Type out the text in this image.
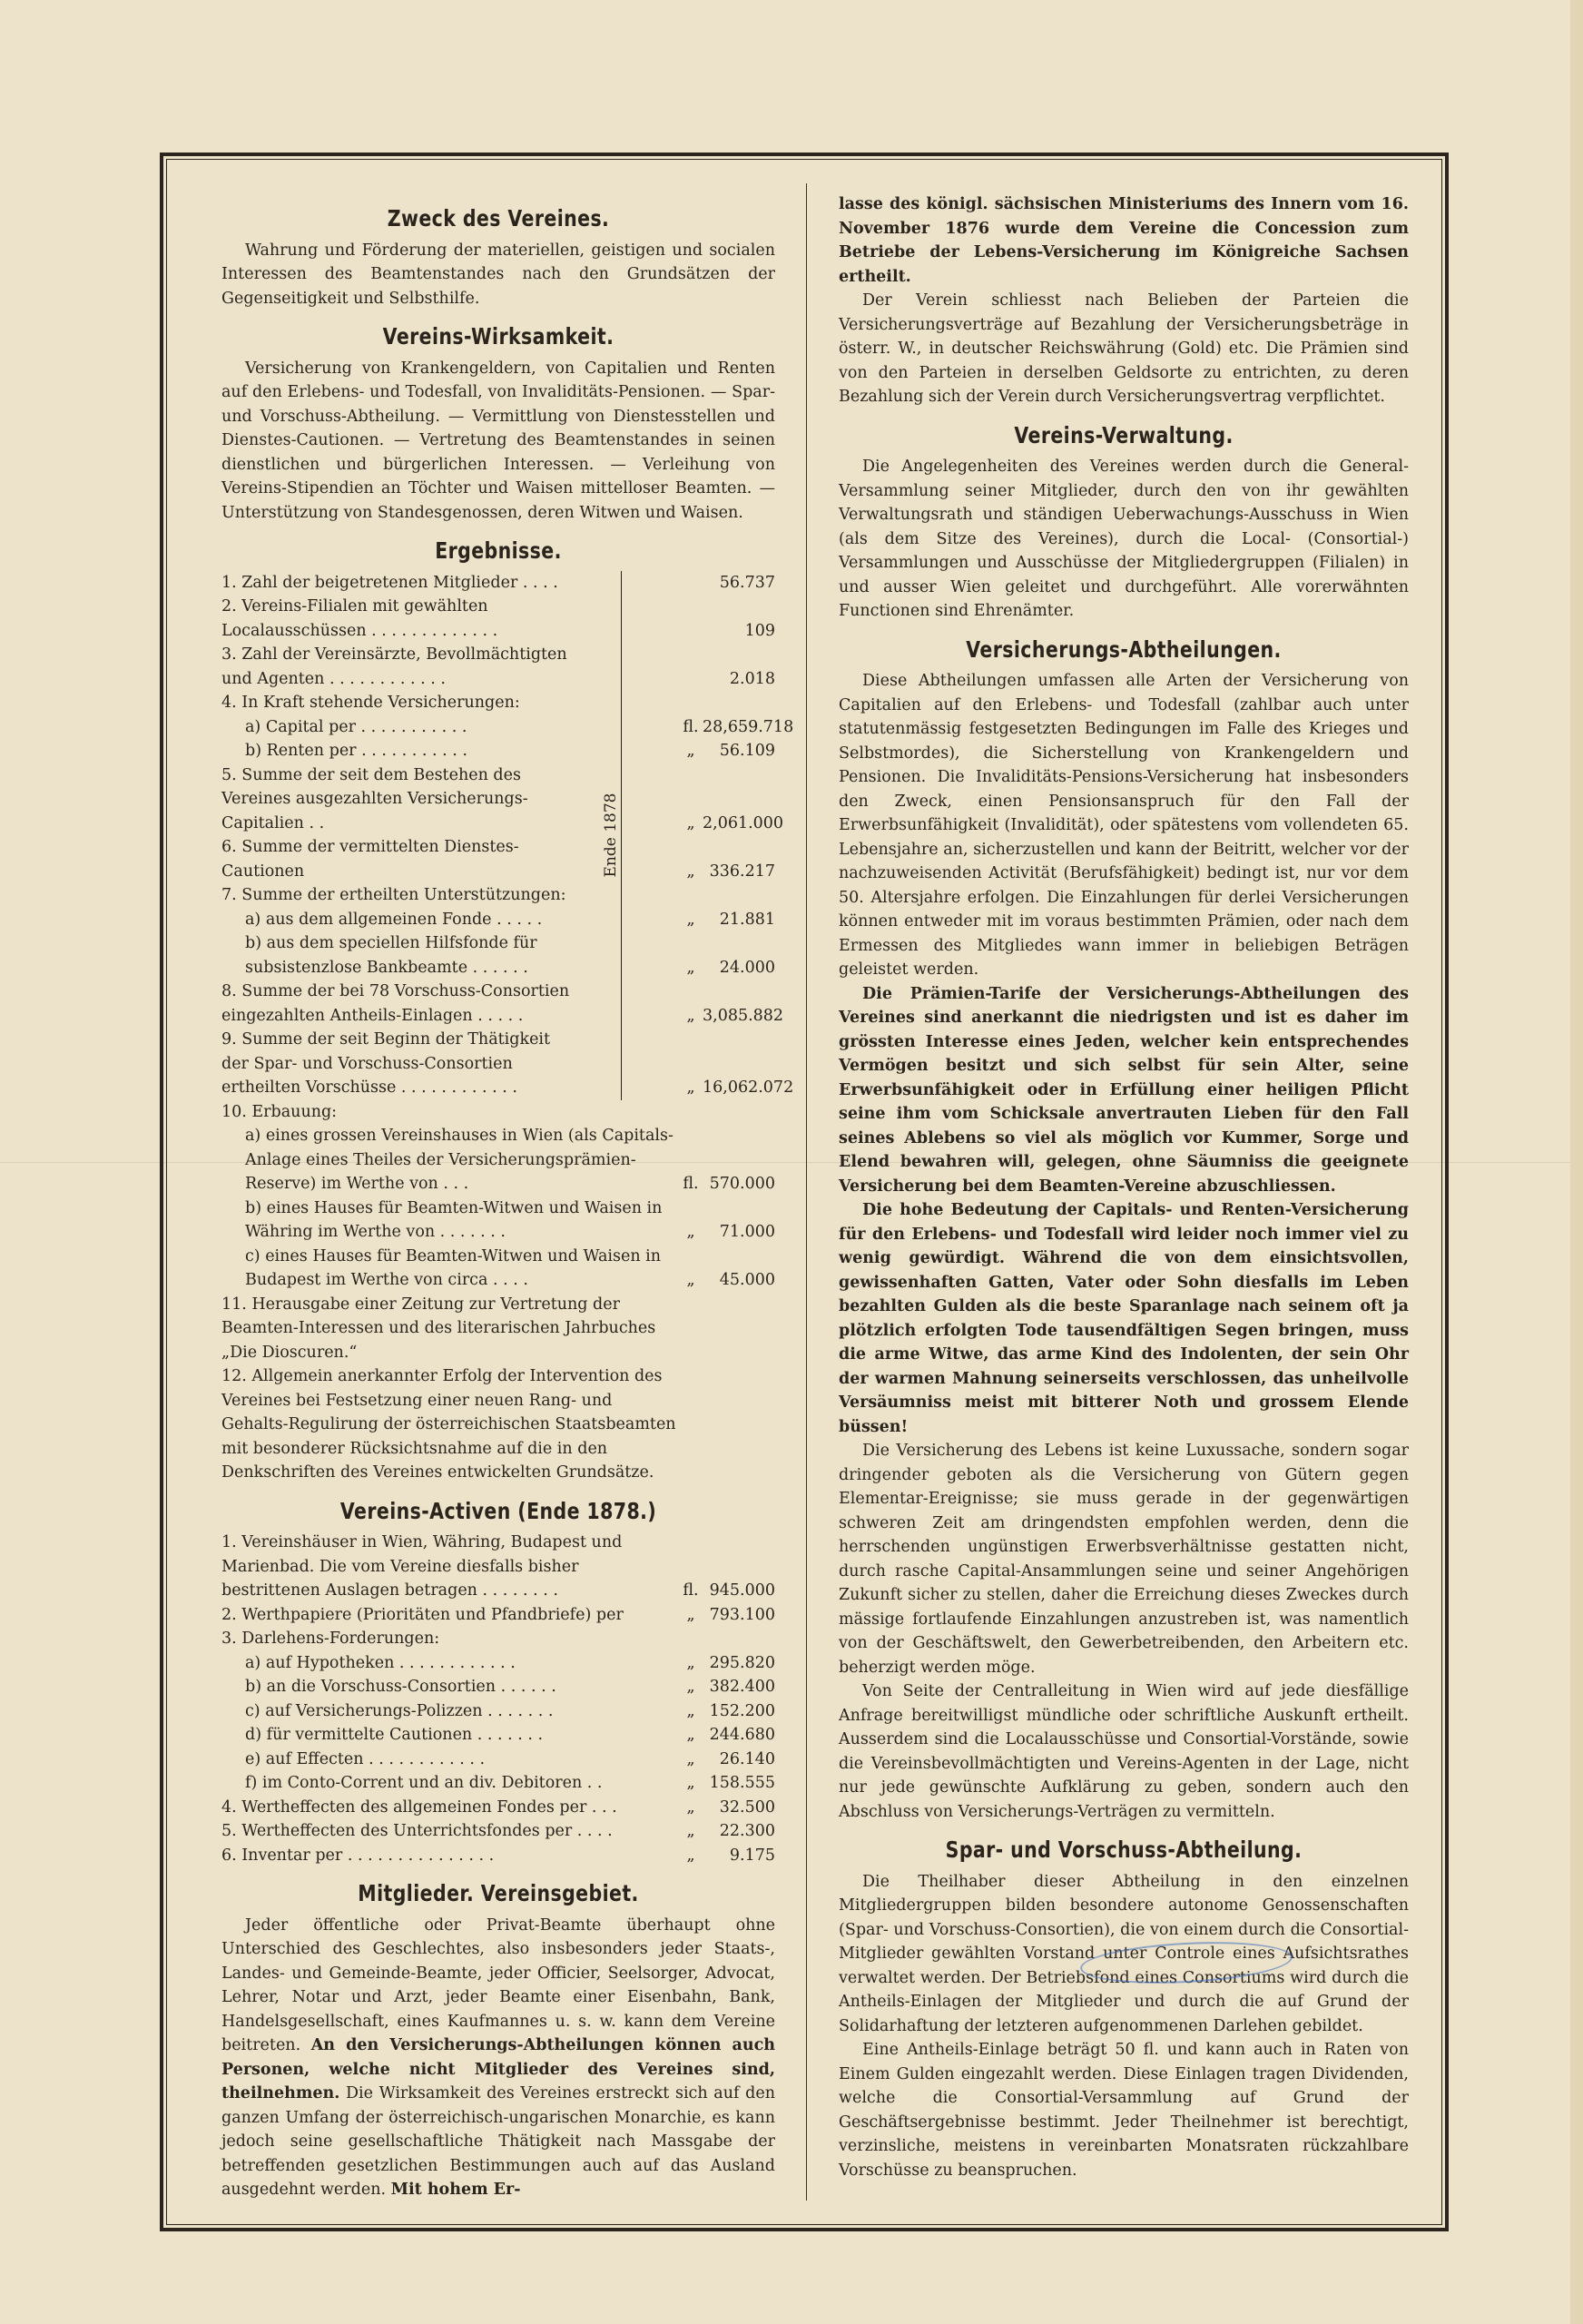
Zweck des Vereines.

Wahrung und Förderung der materiellen, geistigen und socialen Interessen des Beamtenstandes nach den Grundsätzen der Gegenseitigkeit und Selbsthilfe.

Vereins-Wirksamkeit.

Versicherung von Krankengeldern, von Capitalien und Renten auf den Erlebens- und Todesfall, von Invaliditäts-Pensionen. — Spar- und Vorschuss-Abtheilung. — Vermittlung von Dienstesstellen und Dienstes-Cautionen. — Vertretung des Beamtenstandes in seinen dienstlichen und bürgerlichen Interessen. — Verleihung von Vereins-Stipendien an Töchter und Waisen mittelloser Beamten. — Unterstützung von Standesgenossen, deren Witwen und Waisen.

Ergebnisse.
Ende 1878
1. Zahl der beigetretenen Mitglieder . . . .	56.737
2. Vereins-Filialen mit gewählten Localausschüssen . . . . . . . . . . . . .	109
3. Zahl der Vereinsärzte, Bevollmächtigten und Agenten . . . . . . . . . . . .	2.018
4. In Kraft stehende Versicherungen:
a) Capital per . . . . . . . . . . .	fl. 28,659.718
b) Renten per . . . . . . . . . . .	„	56.109
5. Summe der seit dem Bestehen des Vereines ausgezahlten Versicherungs-Capitalien . .	„ 2,061.000
6. Summe der vermittelten Dienstes-Cautionen	„ 336.217
7. Summe der ertheilten Unterstützungen:
a) aus dem allgemeinen Fonde . . . . .	„	21.881
b) aus dem speciellen Hilfsfonde für subsistenzlose Bankbeamte . . . . . .	„	24.000
8. Summe der bei 78 Vorschuss-Consortien eingezahlten Antheils-Einlagen . . . . .	„ 3,085.882
9. Summe der seit Beginn der Thätigkeit der Spar- und Vorschuss-Consortien ertheilten Vorschüsse . . . . . . . . . . . .	„ 16,062.072
10. Erbauung:
a) eines grossen Vereinshauses in Wien (als Capitals-Anlage eines Theiles der Versicherungsprämien-Reserve) im Werthe von . . .	fl. 570.000
b) eines Hauses für Beamten-Witwen und Waisen in Währing im Werthe von . . . . . . .	„	71.000
c) eines Hauses für Beamten-Witwen und Waisen in Budapest im Werthe von circa . . . .	„	45.000
11. Herausgabe einer Zeitung zur Vertretung der Beamten-Interessen und des literarischen Jahrbuches „Die Dioscuren.“
12. Allgemein anerkannter Erfolg der Intervention des Vereines bei Festsetzung einer neuen Rang- und Gehalts-Regulirung der österreichischen Staatsbeamten mit besonderer Rücksichtsnahme auf die in den Denkschriften des Vereines entwickelten Grundsätze.
Vereins-Activen (Ende 1878.)
1. Vereinshäuser in Wien, Währing, Budapest und Marienbad. Die vom Vereine diesfalls bisher bestrittenen Auslagen betragen . . . . . . . .	fl. 945.000
2. Werthpapiere (Prioritäten und Pfandbriefe) per	„ 793.100
3. Darlehens-Forderungen:
a) auf Hypotheken . . . . . . . . . . . .	„ 295.820
b) an die Vorschuss-Consortien . . . . . .	„ 382.400
c) auf Versicherungs-Polizzen . . . . . . .	„ 152.200
d) für vermittelte Cautionen . . . . . . .	„ 244.680
e) auf Effecten . . . . . . . . . . . .	„	26.140
f) im Conto-Corrent und an div. Debitoren . .	„ 158.555
4. Wertheffecten des allgemeinen Fondes per . . .	„	32.500
5. Wertheffecten des Unterrichtsfondes per . . . .	„	22.300
6. Inventar per . . . . . . . . . . . . . . .	„	9.175
Mitglieder. Vereinsgebiet.

Jeder öffentliche oder Privat-Beamte überhaupt ohne Unterschied des Geschlechtes, also insbesonders jeder Staats-, Landes- und Gemeinde-Beamte, jeder Officier, Seelsorger, Advocat, Lehrer, Notar und Arzt, jeder Beamte einer Eisenbahn, Bank, Handelsgesellschaft, eines Kaufmannes u. s. w. kann dem Vereine beitreten. An den Versicherungs-Abtheilungen können auch Personen, welche nicht Mitglieder des Vereines sind, theilnehmen. Die Wirksamkeit des Vereines erstreckt sich auf den ganzen Umfang der österreichisch-ungarischen Monarchie, es kann jedoch seine gesellschaftliche Thätigkeit nach Massgabe der betreffenden gesetzlichen Bestimmungen auch auf das Ausland ausgedehnt werden. Mit hohem Er-

lasse des königl. sächsischen Ministeriums des Innern vom 16. November 1876 wurde dem Vereine die Concession zum Betriebe der Lebens-Versicherung im Königreiche Sachsen ertheilt.

Der Verein schliesst nach Belieben der Parteien die Versicherungsverträge auf Bezahlung der Versicherungsbeträge in österr. W., in deutscher Reichswährung (Gold) etc. Die Prämien sind von den Parteien in derselben Geldsorte zu entrichten, zu deren Bezahlung sich der Verein durch Versicherungsvertrag verpflichtet.

Vereins-Verwaltung.

Die Angelegenheiten des Vereines werden durch die General-Versammlung seiner Mitglieder, durch den von ihr gewählten Verwaltungsrath und ständigen Ueberwachungs-Ausschuss in Wien (als dem Sitze des Vereines), durch die Local- (Consortial-) Versammlungen und Ausschüsse der Mitgliedergruppen (Filialen) in und ausser Wien geleitet und durchgeführt. Alle vorerwähnten Functionen sind Ehrenämter.

Versicherungs-Abtheilungen.

Diese Abtheilungen umfassen alle Arten der Versicherung von Capitalien auf den Erlebens- und Todesfall (zahlbar auch unter statutenmässig festgesetzten Bedingungen im Falle des Krieges und Selbstmordes), die Sicherstellung von Krankengeldern und Pensionen. Die Invaliditäts-Pensions-Versicherung hat insbesonders den Zweck, einen Pensionsanspruch für den Fall der Erwerbsunfähigkeit (Invalidität), oder spätestens vom vollendeten 65. Lebensjahre an, sicherzustellen und kann der Beitritt, welcher vor der nachzuweisenden Activität (Berufsfähigkeit) bedingt ist, nur vor dem 50. Altersjahre erfolgen. Die Einzahlungen für derlei Versicherungen können entweder mit im voraus bestimmten Prämien, oder nach dem Ermessen des Mitgliedes wann immer in beliebigen Beträgen geleistet werden.

Die Prämien-Tarife der Versicherungs-Abtheilungen des Vereines sind anerkannt die niedrigsten und ist es daher im grössten Interesse eines Jeden, welcher kein entsprechendes Vermögen besitzt und sich selbst für sein Alter, seine Erwerbsunfähigkeit oder in Erfüllung einer heiligen Pflicht seine ihm vom Schicksale anvertrauten Lieben für den Fall seines Ablebens so viel als möglich vor Kummer, Sorge und Elend bewahren will, gelegen, ohne Säumniss die geeignete Versicherung bei dem Beamten-Vereine abzuschliessen.

Die hohe Bedeutung der Capitals- und Renten-Versicherung für den Erlebens- und Todesfall wird leider noch immer viel zu wenig gewürdigt. Während die von dem einsichtsvollen, gewissenhaften Gatten, Vater oder Sohn diesfalls im Leben bezahlten Gulden als die beste Sparanlage nach seinem oft ja plötzlich erfolgten Tode tausendfältigen Segen bringen, muss die arme Witwe, das arme Kind des Indolenten, der sein Ohr der warmen Mahnung seinerseits verschlossen, das unheilvolle Versäumniss meist mit bitterer Noth und grossem Elende büssen!

Die Versicherung des Lebens ist keine Luxussache, sondern sogar dringender geboten als die Versicherung von Gütern gegen Elementar-Ereignisse; sie muss gerade in der gegenwärtigen schweren Zeit am dringendsten empfohlen werden, denn die herrschenden ungünstigen Erwerbsverhältnisse gestatten nicht, durch rasche Capital-Ansammlungen seine und seiner Angehörigen Zukunft sicher zu stellen, daher die Erreichung dieses Zweckes durch mässige fortlaufende Einzahlungen anzustreben ist, was namentlich von der Geschäftswelt, den Gewerbetreibenden, den Arbeitern etc. beherzigt werden möge.

Von Seite der Centralleitung in Wien wird auf jede diesfällige Anfrage bereitwilligst mündliche oder schriftliche Auskunft ertheilt. Ausserdem sind die Localausschüsse und Consortial-Vorstände, sowie die Vereinsbevollmächtigten und Vereins-Agenten in der Lage, nicht nur jede gewünschte Aufklärung zu geben, sondern auch den Abschluss von Versicherungs-Verträgen zu vermitteln.

Spar- und Vorschuss-Abtheilung.

Die Theilhaber dieser Abtheilung in den einzelnen Mitgliedergruppen bilden besondere autonome Genossenschaften (Spar- und Vorschuss-Consortien), die von einem durch die Consortial-Mitglieder gewählten Vorstand unter Controle eines Aufsichtsrathes verwaltet werden. Der Betriebsfond eines Consortiums wird durch die Antheils-Einlagen der Mitglieder und durch die auf Grund der Solidarhaftung der letzteren aufgenommenen Darlehen gebildet.

Eine Antheils-Einlage beträgt 50 fl. und kann auch in Raten von Einem Gulden eingezahlt werden. Diese Einlagen tragen Dividenden, welche die Consortial-Versammlung auf Grund der Geschäftsergebnisse bestimmt. Jeder Theilnehmer ist berechtigt, verzinsliche, meistens in vereinbarten Monatsraten rückzahlbare Vorschüsse zu beanspruchen.
